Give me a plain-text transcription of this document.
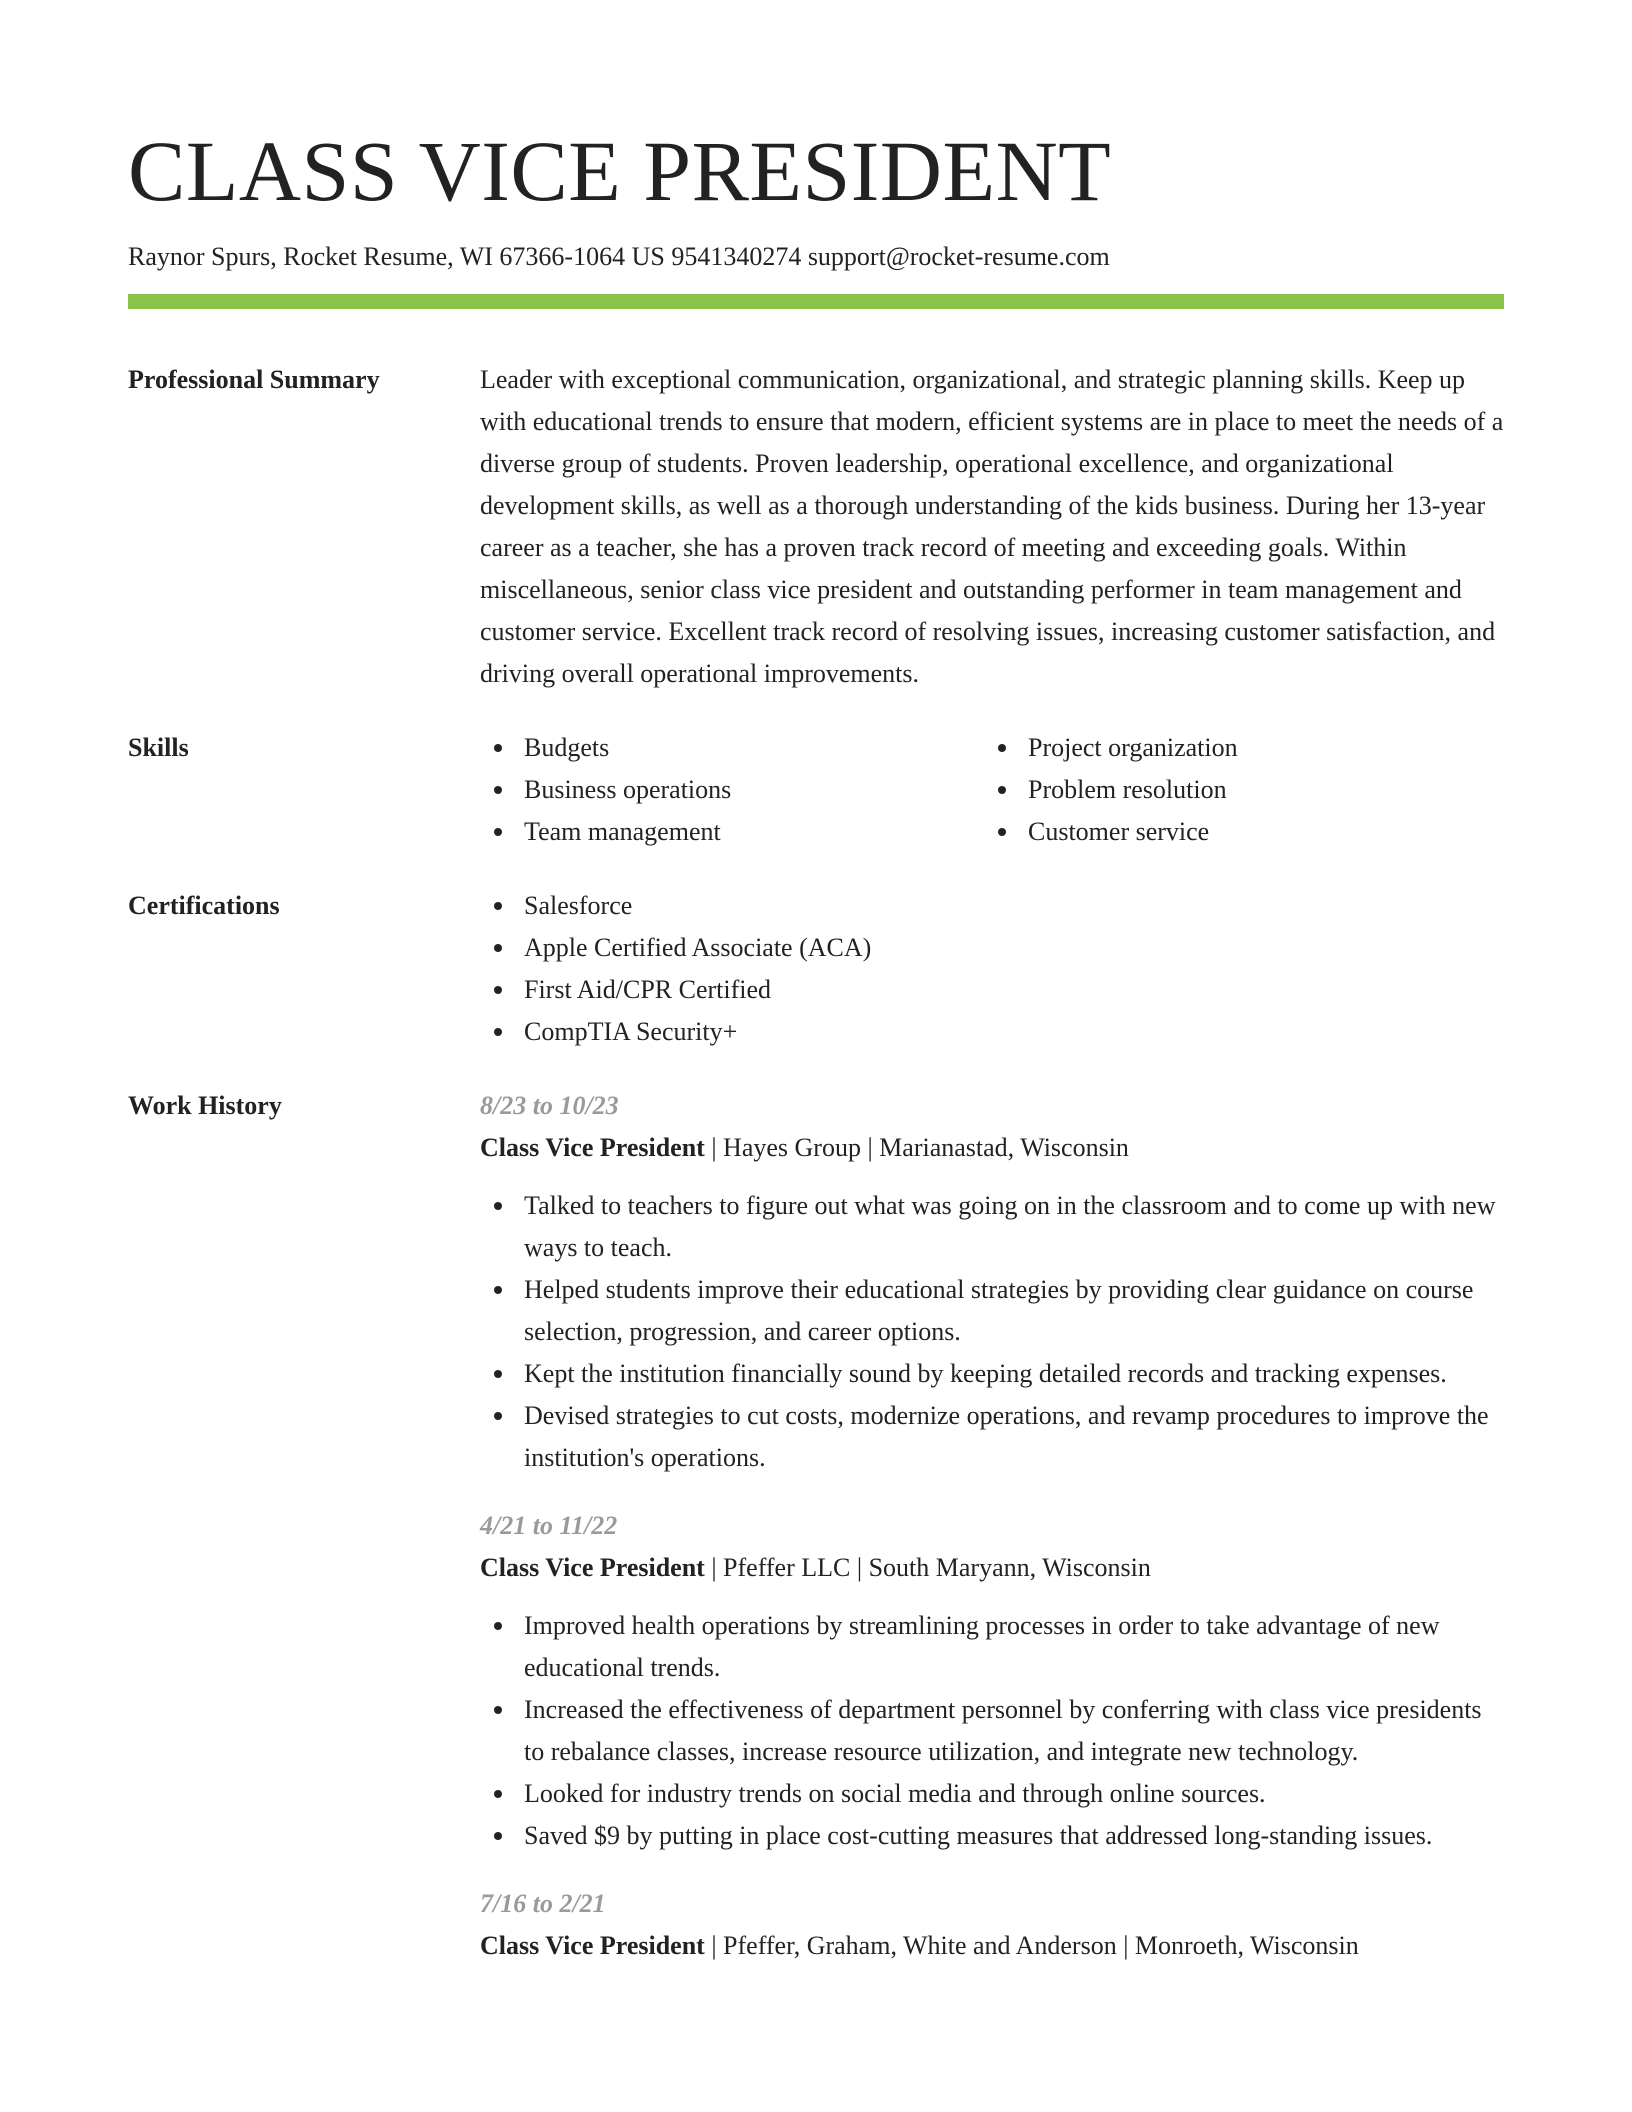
CLASS VICE PRESIDENT
Raynor Spurs, Rocket Resume, WI 67366-1064 US 9541340274 support@rocket-resume.com
Professional Summary	Leader with exceptional communication, organizational, and strategic planning skills. Keep up with educational trends to ensure that modern, efficient systems are in place to meet the needs of a diverse group of students. Proven leadership, operational excellence, and organizational development skills, as well as a thorough understanding of the kids business. During her 13-year career as a teacher, she has a proven track record of meeting and exceeding goals. Within miscellaneous, senior class vice president and outstanding performer in team management and customer service. Excellent track record of resolving issues, increasing customer satisfaction, and driving overall operational improvements.

Skills	Budgets
Business operations
Team management
Project organization
Problem resolution
Customer service
Certifications	Salesforce
Apple Certified Associate (ACA)
First Aid/CPR Certified
CompTIA Security+
Work History	8/23 to 10/23
Class Vice President | Hayes Group | Marianastad, Wisconsin
Talked to teachers to figure out what was going on in the classroom and to come up with new ways to teach.
Helped students improve their educational strategies by providing clear guidance on course selection, progression, and career options.
Kept the institution financially sound by keeping detailed records and tracking expenses.
Devised strategies to cut costs, modernize operations, and revamp procedures to improve the institution's operations.
4/21 to 11/22
Class Vice President | Pfeffer LLC | South Maryann, Wisconsin
Improved health operations by streamlining processes in order to take advantage of new educational trends.
Increased the effectiveness of department personnel by conferring with class vice presidents to rebalance classes, increase resource utilization, and integrate new technology.
Looked for industry trends on social media and through online sources.
Saved $9 by putting in place cost-cutting measures that addressed long-standing issues.
7/16 to 2/21
Class Vice President | Pfeffer, Graham, White and Anderson | Monroeth, Wisconsin
